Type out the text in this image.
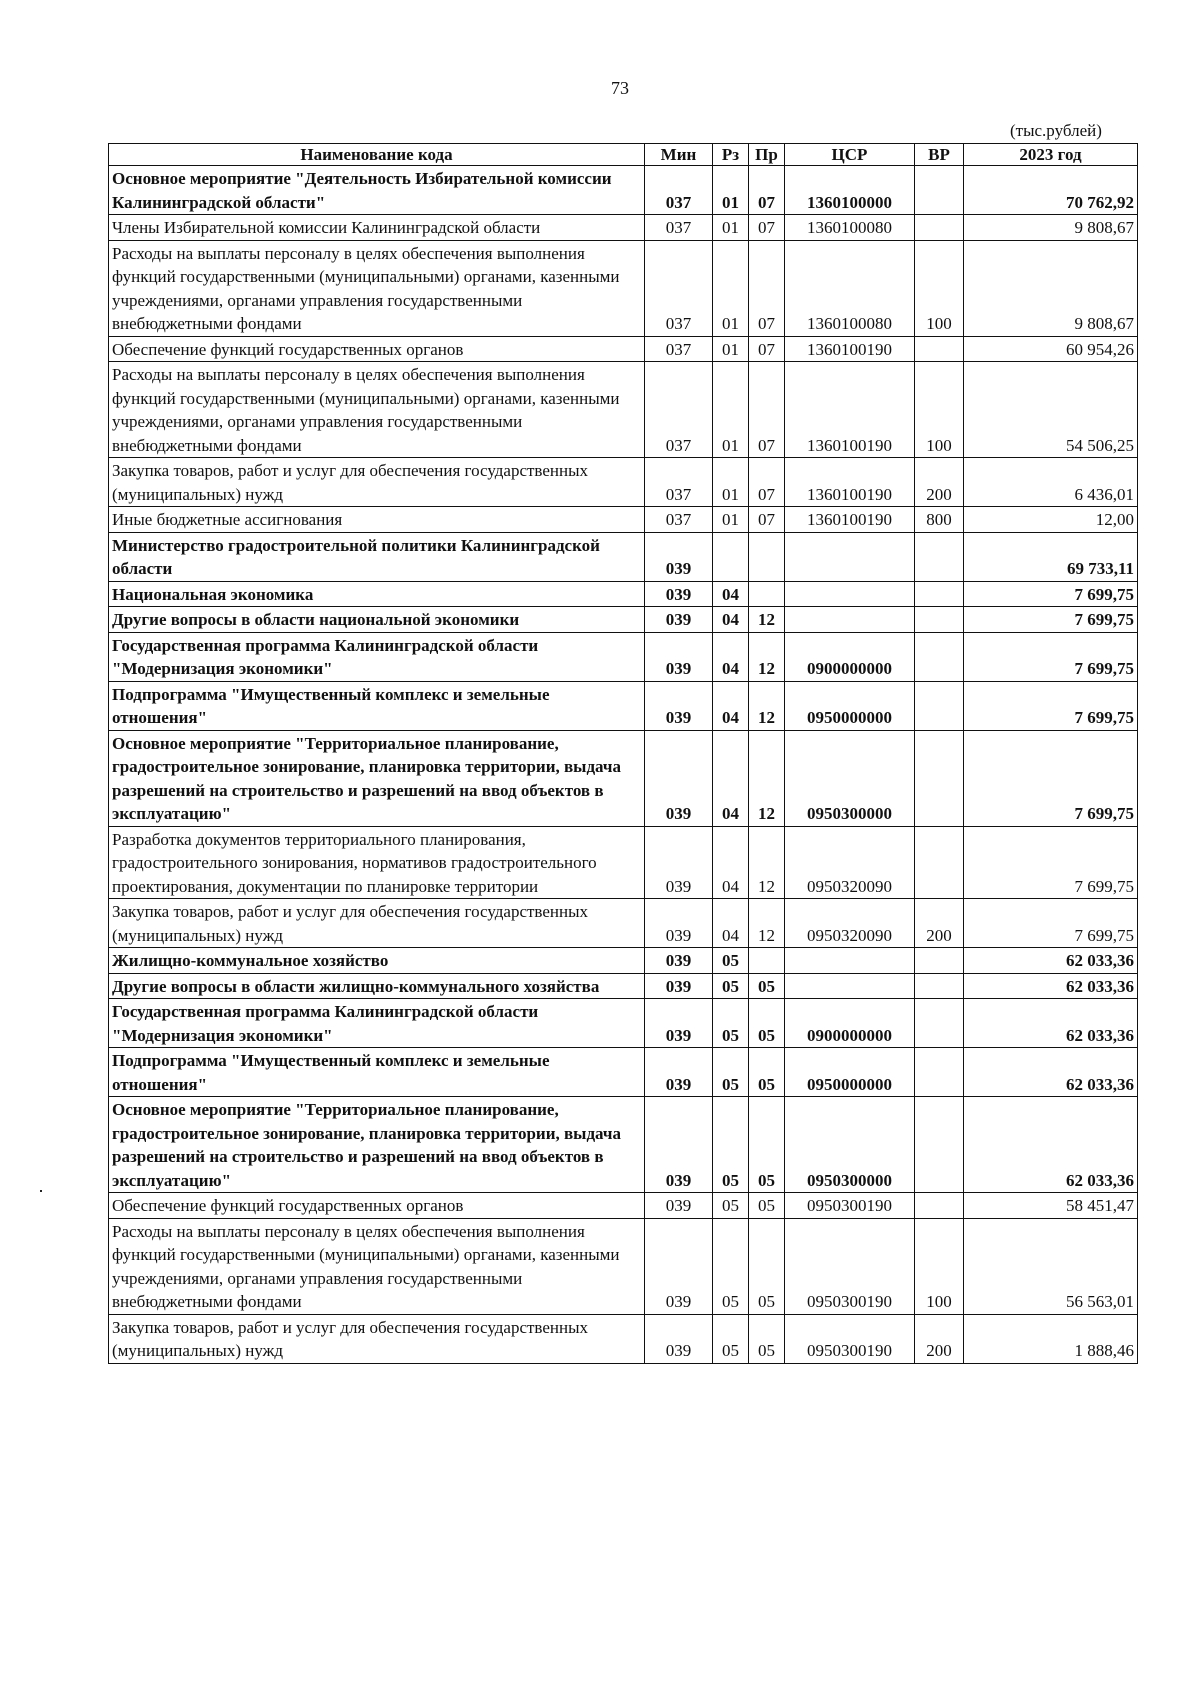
73
(тыс.рублей)
Наименование кода	Мин	Рз	Пр	ЦСР	ВР	2023 год
Основное мероприятие "Деятельность Избирательной комиссии Калининградской области"	037	01	07	1360100000		70 762,92
Члены Избирательной комиссии Калининградской области	037	01	07	1360100080		9 808,67
Расходы на выплаты персоналу в целях обеспечения выполнения функций государственными (муниципальными) органами, казенными учреждениями, органами управления государственными внебюджетными фондами	037	01	07	1360100080	100	9 808,67
Обеспечение функций государственных органов	037	01	07	1360100190		60 954,26
Расходы на выплаты персоналу в целях обеспечения выполнения функций государственными (муниципальными) органами, казенными учреждениями, органами управления государственными внебюджетными фондами	037	01	07	1360100190	100	54 506,25
Закупка товаров, работ и услуг для обеспечения государственных (муниципальных) нужд	037	01	07	1360100190	200	6 436,01
Иные бюджетные ассигнования	037	01	07	1360100190	800	12,00
Министерство градостроительной политики Калининградской области	039					69 733,11
Национальная экономика	039	04				7 699,75
Другие вопросы в области национальной экономики	039	04	12			7 699,75
Государственная программа Калининградской области "Модернизация экономики"	039	04	12	0900000000		7 699,75
Подпрограмма "Имущественный комплекс и земельные отношения"	039	04	12	0950000000		7 699,75
Основное мероприятие "Территориальное планирование, градостроительное зонирование, планировка территории, выдача разрешений на строительство и разрешений на ввод объектов в эксплуатацию"	039	04	12	0950300000		7 699,75
Разработка документов территориального планирования, градостроительного зонирования, нормативов градостроительного проектирования, документации по планировке территории	039	04	12	0950320090		7 699,75
Закупка товаров, работ и услуг для обеспечения государственных (муниципальных) нужд	039	04	12	0950320090	200	7 699,75
Жилищно-коммунальное хозяйство	039	05				62 033,36
Другие вопросы в области жилищно-коммунального хозяйства	039	05	05			62 033,36
Государственная программа Калининградской области "Модернизация экономики"	039	05	05	0900000000		62 033,36
Подпрограмма "Имущественный комплекс и земельные отношения"	039	05	05	0950000000		62 033,36
Основное мероприятие "Территориальное планирование, градостроительное зонирование, планировка территории, выдача разрешений на строительство и разрешений на ввод объектов в эксплуатацию"	039	05	05	0950300000		62 033,36
Обеспечение функций государственных органов	039	05	05	0950300190		58 451,47
Расходы на выплаты персоналу в целях обеспечения выполнения функций государственными (муниципальными) органами, казенными учреждениями, органами управления государственными внебюджетными фондами	039	05	05	0950300190	100	56 563,01
Закупка товаров, работ и услуг для обеспечения государственных (муниципальных) нужд	039	05	05	0950300190	200	1 888,46
